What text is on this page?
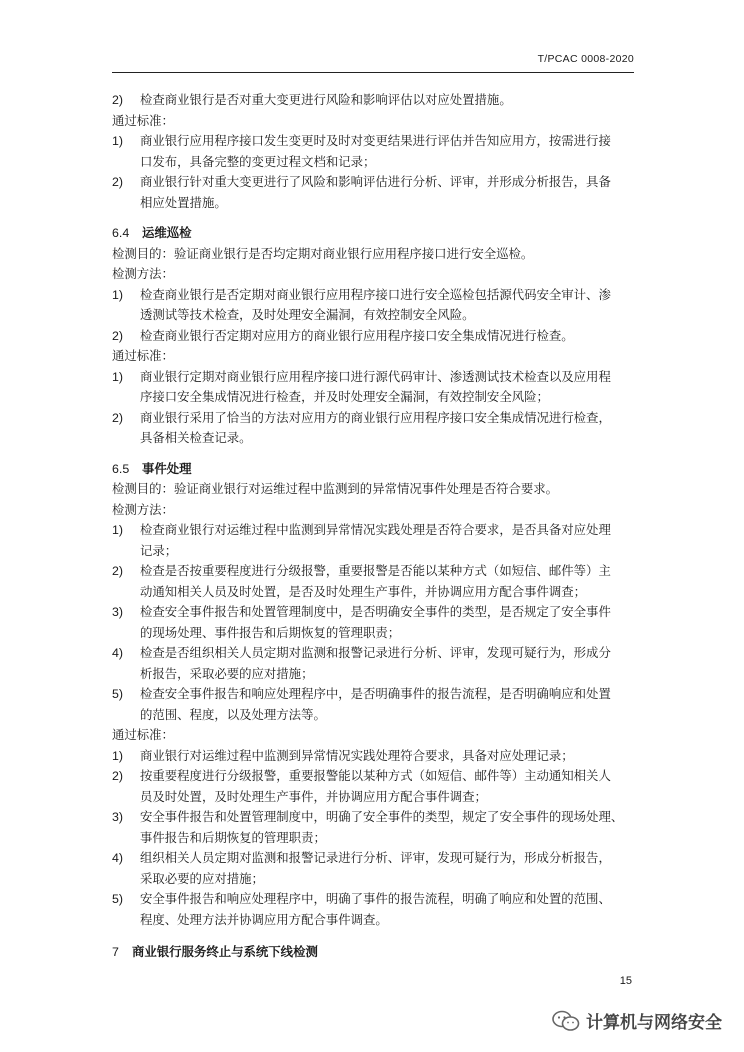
T/PCAC 0008-2020
2) 检查商业银行是否对重大变更进行风险和影响评估以对应处置措施。
通过标准：
1) 商业银行应用程序接口发生变更时及时对变更结果进行评估并告知应用方，按需进行接
口发布，具备完整的变更过程文档和记录；
2) 商业银行针对重大变更进行了风险和影响评估进行分析、评审，并形成分析报告，具备
相应处置措施。
6.4 运维巡检
检测目的：验证商业银行是否均定期对商业银行应用程序接口进行安全巡检。
检测方法：
1) 检查商业银行是否定期对商业银行应用程序接口进行安全巡检包括源代码安全审计、渗
透测试等技术检查，及时处理安全漏洞，有效控制安全风险。
2) 检查商业银行否定期对应用方的商业银行应用程序接口安全集成情况进行检查。
通过标准：
1) 商业银行定期对商业银行应用程序接口进行源代码审计、渗透测试技术检查以及应用程
序接口安全集成情况进行检查，并及时处理安全漏洞，有效控制安全风险；
2) 商业银行采用了恰当的方法对应用方的商业银行应用程序接口安全集成情况进行检查，
具备相关检查记录。
6.5 事件处理
检测目的：验证商业银行对运维过程中监测到的异常情况事件处理是否符合要求。
检测方法：
1) 检查商业银行对运维过程中监测到异常情况实践处理是否符合要求，是否具备对应处理
记录；
2) 检查是否按重要程度进行分级报警，重要报警是否能以某种方式（如短信、邮件等）主
动通知相关人员及时处置，是否及时处理生产事件，并协调应用方配合事件调查；
3) 检查安全事件报告和处置管理制度中，是否明确安全事件的类型，是否规定了安全事件
的现场处理、事件报告和后期恢复的管理职责；
4) 检查是否组织相关人员定期对监测和报警记录进行分析、评审，发现可疑行为，形成分
析报告，采取必要的应对措施；
5) 检查安全事件报告和响应处理程序中，是否明确事件的报告流程，是否明确响应和处置
的范围、程度，以及处理方法等。
通过标准：
1) 商业银行对运维过程中监测到异常情况实践处理符合要求，具备对应处理记录；
2) 按重要程度进行分级报警，重要报警能以某种方式（如短信、邮件等）主动通知相关人
员及时处置，及时处理生产事件，并协调应用方配合事件调查；
3) 安全事件报告和处置管理制度中，明确了安全事件的类型，规定了安全事件的现场处理、
事件报告和后期恢复的管理职责；
4) 组织相关人员定期对监测和报警记录进行分析、评审，发现可疑行为，形成分析报告，
采取必要的应对措施；
5) 安全事件报告和响应处理程序中，明确了事件的报告流程，明确了响应和处置的范围、
程度、处理方法并协调应用方配合事件调查。
7 商业银行服务终止与系统下线检测
15
计算机与网络安全
